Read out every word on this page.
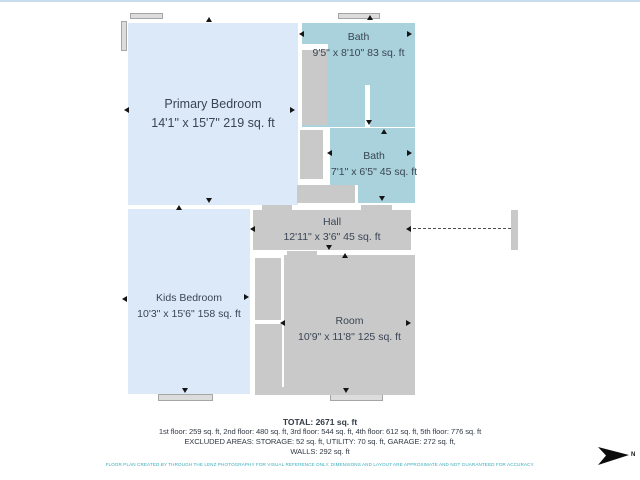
Primary Bedroom
14'1" x 15'7" 219 sq. ft
Bath
9'5" x 8'10" 83 sq. ft
Bath
7'1" x 6'5" 45 sq. ft
Hall
12'11" x 3'6" 45 sq. ft
Kids Bedroom
10'3" x 15'6" 158 sq. ft
Room
10'9" x 11'8" 125 sq. ft
TOTAL: 2671 sq. ft
1st floor: 259 sq. ft, 2nd floor: 480 sq. ft, 3rd floor: 544 sq. ft, 4th floor: 612 sq. ft, 5th floor: 776 sq. ft
EXCLUDED AREAS: STORAGE: 52 sq. ft, UTILITY: 70 sq. ft, GARAGE: 272 sq. ft,
WALLS: 292 sq. ft
FLOOR PLAN CREATED BY THROUGH THE LENZ PHOTOGRAPHY FOR VISUAL REFERENCE ONLY. DIMENSIONS AND LAYOUT ARE APPROXIMATE AND NOT GUARANTEED FOR ACCURACY.
N
